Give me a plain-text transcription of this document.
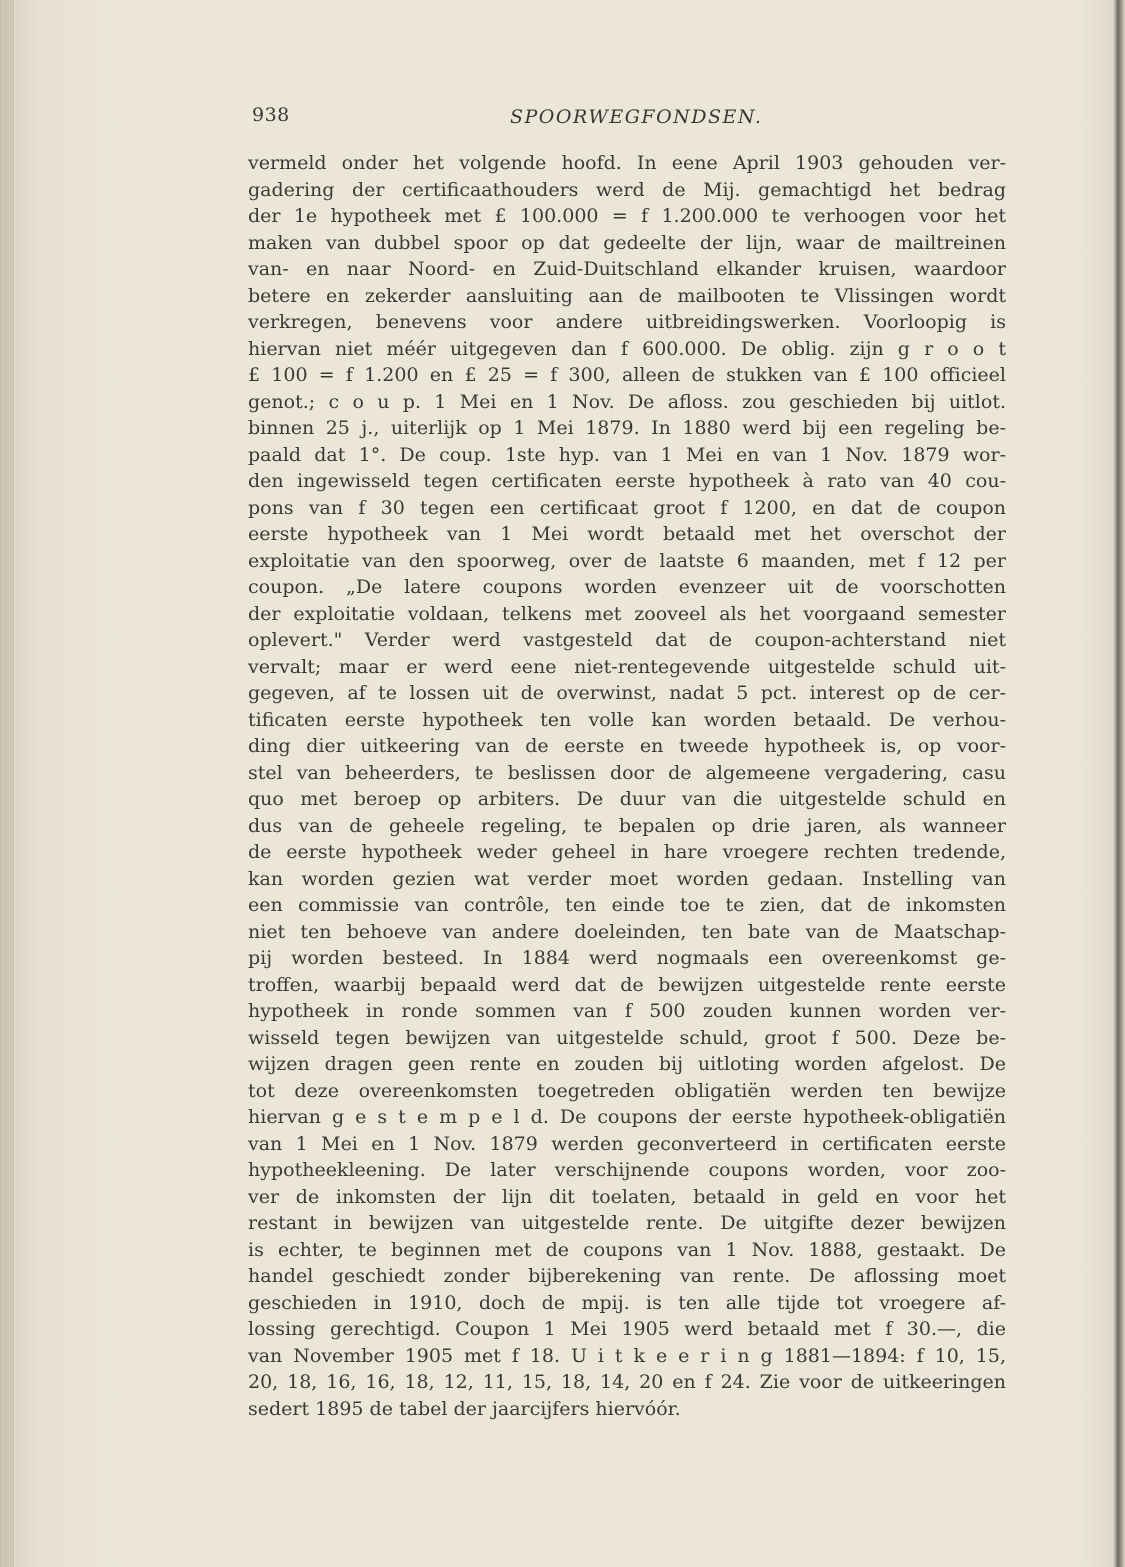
938	SPOORWEGFONDSEN.
vermeld onder het volgende hoofd. In eene April 1903 gehouden ver-
gadering der certificaathouders werd de Mij. gemachtigd het bedrag
der 1e hypotheek met £ 100.000 = f 1.200.000 te verhoogen voor het
maken van dubbel spoor op dat gedeelte der lijn, waar de mailtreinen
van- en naar Noord- en Zuid-Duitschland elkander kruisen, waardoor
betere en zekerder aansluiting aan de mailbooten te Vlissingen wordt
verkregen, benevens voor andere uitbreidingswerken. Voorloopig is
hiervan niet méér uitgegeven dan f 600.000. De oblig. zijn g r o o t
£ 100 = f 1.200 en £ 25 = f 300, alleen de stukken van £ 100 officieel
genot.; c o u p. 1 Mei en 1 Nov. De afloss. zou geschieden bij uitlot.
binnen 25 j., uiterlijk op 1 Mei 1879. In 1880 werd bij een regeling be-
paald dat 1°. De coup. 1ste hyp. van 1 Mei en van 1 Nov. 1879 wor-
den ingewisseld tegen certificaten eerste hypotheek à rato van 40 cou-
pons van f 30 tegen een certificaat groot f 1200, en dat de coupon
eerste hypotheek van 1 Mei wordt betaald met het overschot der
exploitatie van den spoorweg, over de laatste 6 maanden, met f 12 per
coupon. „De latere coupons worden evenzeer uit de voorschotten
der exploitatie voldaan, telkens met zooveel als het voorgaand semester
oplevert." Verder werd vastgesteld dat de coupon-achterstand niet
vervalt; maar er werd eene niet-rentegevende uitgestelde schuld uit-
gegeven, af te lossen uit de overwinst, nadat 5 pct. interest op de cer-
tificaten eerste hypotheek ten volle kan worden betaald. De verhou-
ding dier uitkeering van de eerste en tweede hypotheek is, op voor-
stel van beheerders, te beslissen door de algemeene vergadering, casu
quo met beroep op arbiters. De duur van die uitgestelde schuld en
dus van de geheele regeling, te bepalen op drie jaren, als wanneer
de eerste hypotheek weder geheel in hare vroegere rechten tredende,
kan worden gezien wat verder moet worden gedaan. Instelling van
een commissie van contrôle, ten einde toe te zien, dat de inkomsten
niet ten behoeve van andere doeleinden, ten bate van de Maatschap-
pij worden besteed. In 1884 werd nogmaals een overeenkomst ge-
troffen, waarbij bepaald werd dat de bewijzen uitgestelde rente eerste
hypotheek in ronde sommen van f 500 zouden kunnen worden ver-
wisseld tegen bewijzen van uitgestelde schuld, groot f 500. Deze be-
wijzen dragen geen rente en zouden bij uitloting worden afgelost. De
tot deze overeenkomsten toegetreden obligatiën werden ten bewijze
hiervan g e s t e m p e l d. De coupons der eerste hypotheek-obligatiën
van 1 Mei en 1 Nov. 1879 werden geconverteerd in certificaten eerste
hypotheekleening. De later verschijnende coupons worden, voor zoo-
ver de inkomsten der lijn dit toelaten, betaald in geld en voor het
restant in bewijzen van uitgestelde rente. De uitgifte dezer bewijzen
is echter, te beginnen met de coupons van 1 Nov. 1888, gestaakt. De
handel geschiedt zonder bijberekening van rente. De aflossing moet
geschieden in 1910, doch de mpij. is ten alle tijde tot vroegere af-
lossing gerechtigd. Coupon 1 Mei 1905 werd betaald met f 30.—, die
van November 1905 met f 18. U i t k e e r i n g 1881—1894: f 10, 15,
20, 18, 16, 16, 18, 12, 11, 15, 18, 14, 20 en f 24. Zie voor de uitkeeringen
sedert 1895 de tabel der jaarcijfers hiervóór.
